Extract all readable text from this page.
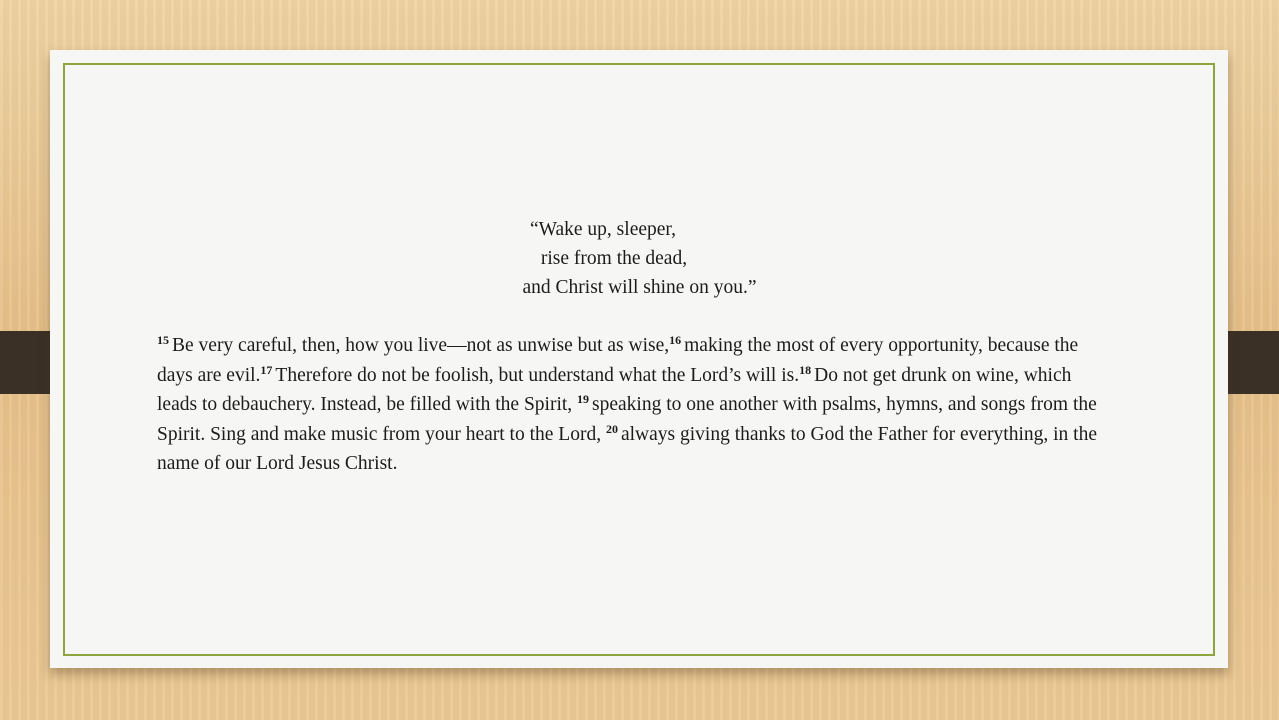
“Wake up, sleeper,
rise from the dead,
and Christ will shine on you.”
$^{15}$ Be very careful, then, how you live—not as unwise but as wise,$^{16}$ making the most of every opportunity, because the days are evil.$^{17}$ Therefore do not be foolish, but understand what the Lord’s will is.$^{18}$ Do not get drunk on wine, which leads to debauchery. Instead, be filled with the Spirit, $^{19}$ speaking to one another with psalms, hymns, and songs from the Spirit. Sing and make music from your heart to the Lord, $^{20}$ always giving thanks to God the Father for everything, in the name of our Lord Jesus Christ.
